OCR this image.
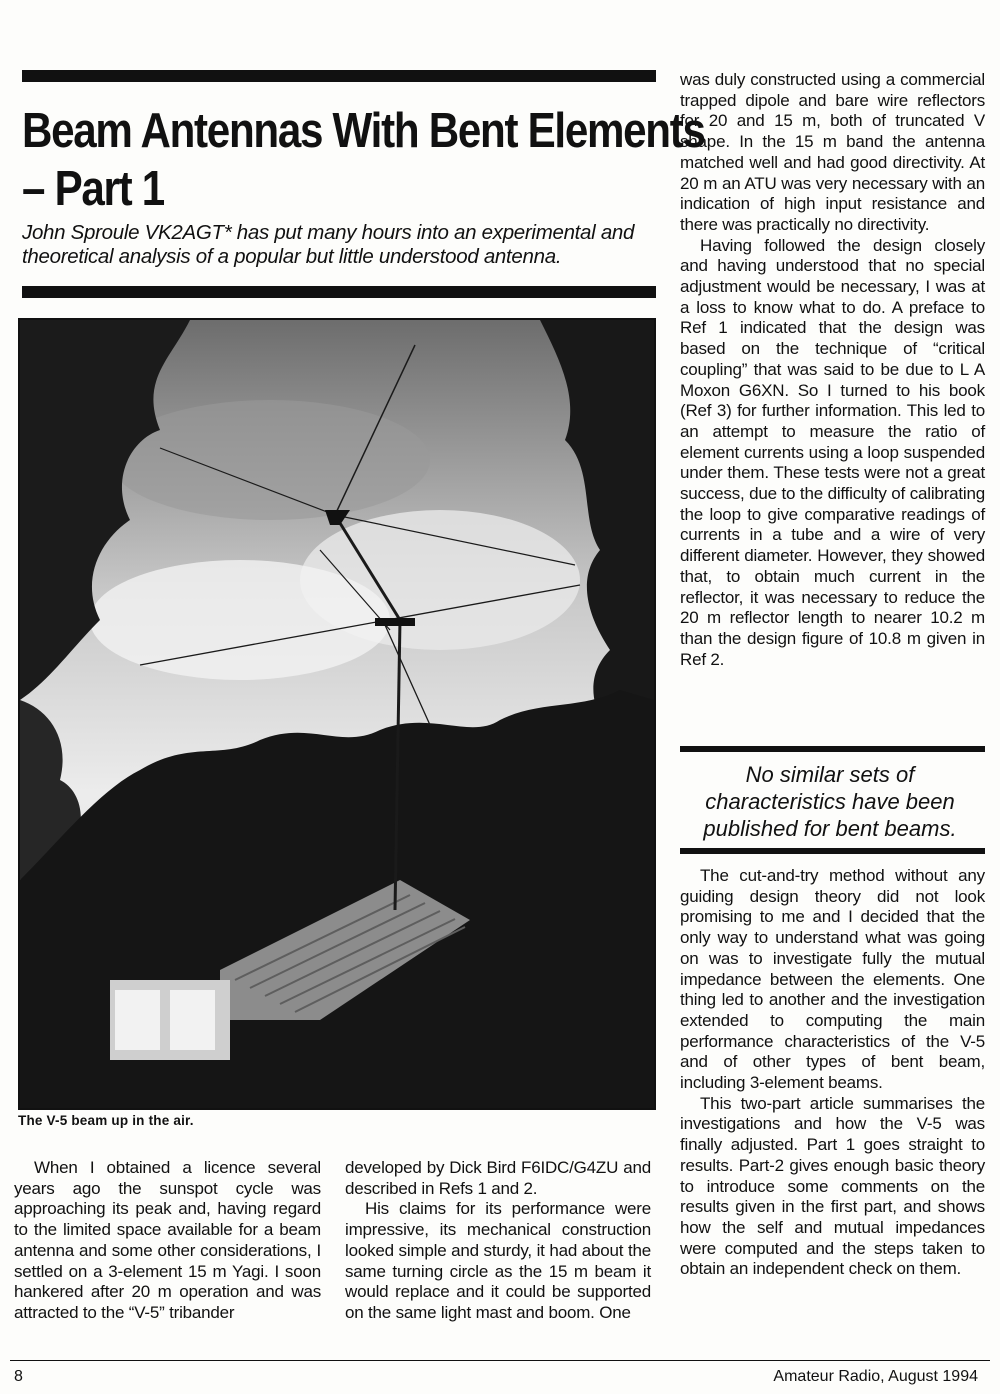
Beam Antennas With Bent Elements
– Part 1
John Sproule VK2AGT* has put many hours into an experimental and theoretical analysis of a popular but little understood antenna.
The V-5 beam up in the air.

When I obtained a licence several years ago the sunspot cycle was approaching its peak and, having regard to the limited space available for a beam antenna and some other considerations, I settled on a 3-element 15 m Yagi. I soon hankered after 20 m operation and was attracted to the “V-5” tribander

developed by Dick Bird F6IDC/G4ZU and described in Refs 1 and 2.

His claims for its performance were impressive, its mechanical construction looked simple and sturdy, it had about the same turning circle as the 15 m beam it would replace and it could be supported on the same light mast and boom. One

was duly constructed using a commercial trapped dipole and bare wire reflectors for 20 and 15 m, both of truncated V shape. In the 15 m band the antenna matched well and had good directivity. At 20 m an ATU was very necessary with an indication of high input resistance and there was practically no directivity.

Having followed the design closely and having understood that no special adjustment would be necessary, I was at a loss to know what to do. A preface to Ref 1 indicated that the design was based on the technique of “critical coupling” that was said to be due to L A Moxon G6XN. So I turned to his book (Ref 3) for further information. This led to an attempt to measure the ratio of element currents using a loop suspended under them. These tests were not a great success, due to the difficulty of calibrating the loop to give comparative readings of currents in a tube and a wire of very different diameter. However, they showed that, to obtain much current in the reflector, it was necessary to reduce the 20 m reflector length to nearer 10.2 m than the design figure of 10.8 m given in Ref 2.

No similar sets of characteristics have been published for bent beams.

The cut-and-try method without any guiding design theory did not look promising to me and I decided that the only way to understand what was going on was to investigate fully the mutual impedance between the elements. One thing led to another and the investigation extended to computing the main performance characteristics of the V-5 and of other types of bent beam, including 3-element beams.

This two-part article summarises the investigations and how the V-5 was finally adjusted. Part 1 goes straight to results. Part-2 gives enough basic theory to introduce some comments on the results given in the first part, and shows how the self and mutual impedances were computed and the steps taken to obtain an independent check on them.

8	Amateur Radio, August 1994
